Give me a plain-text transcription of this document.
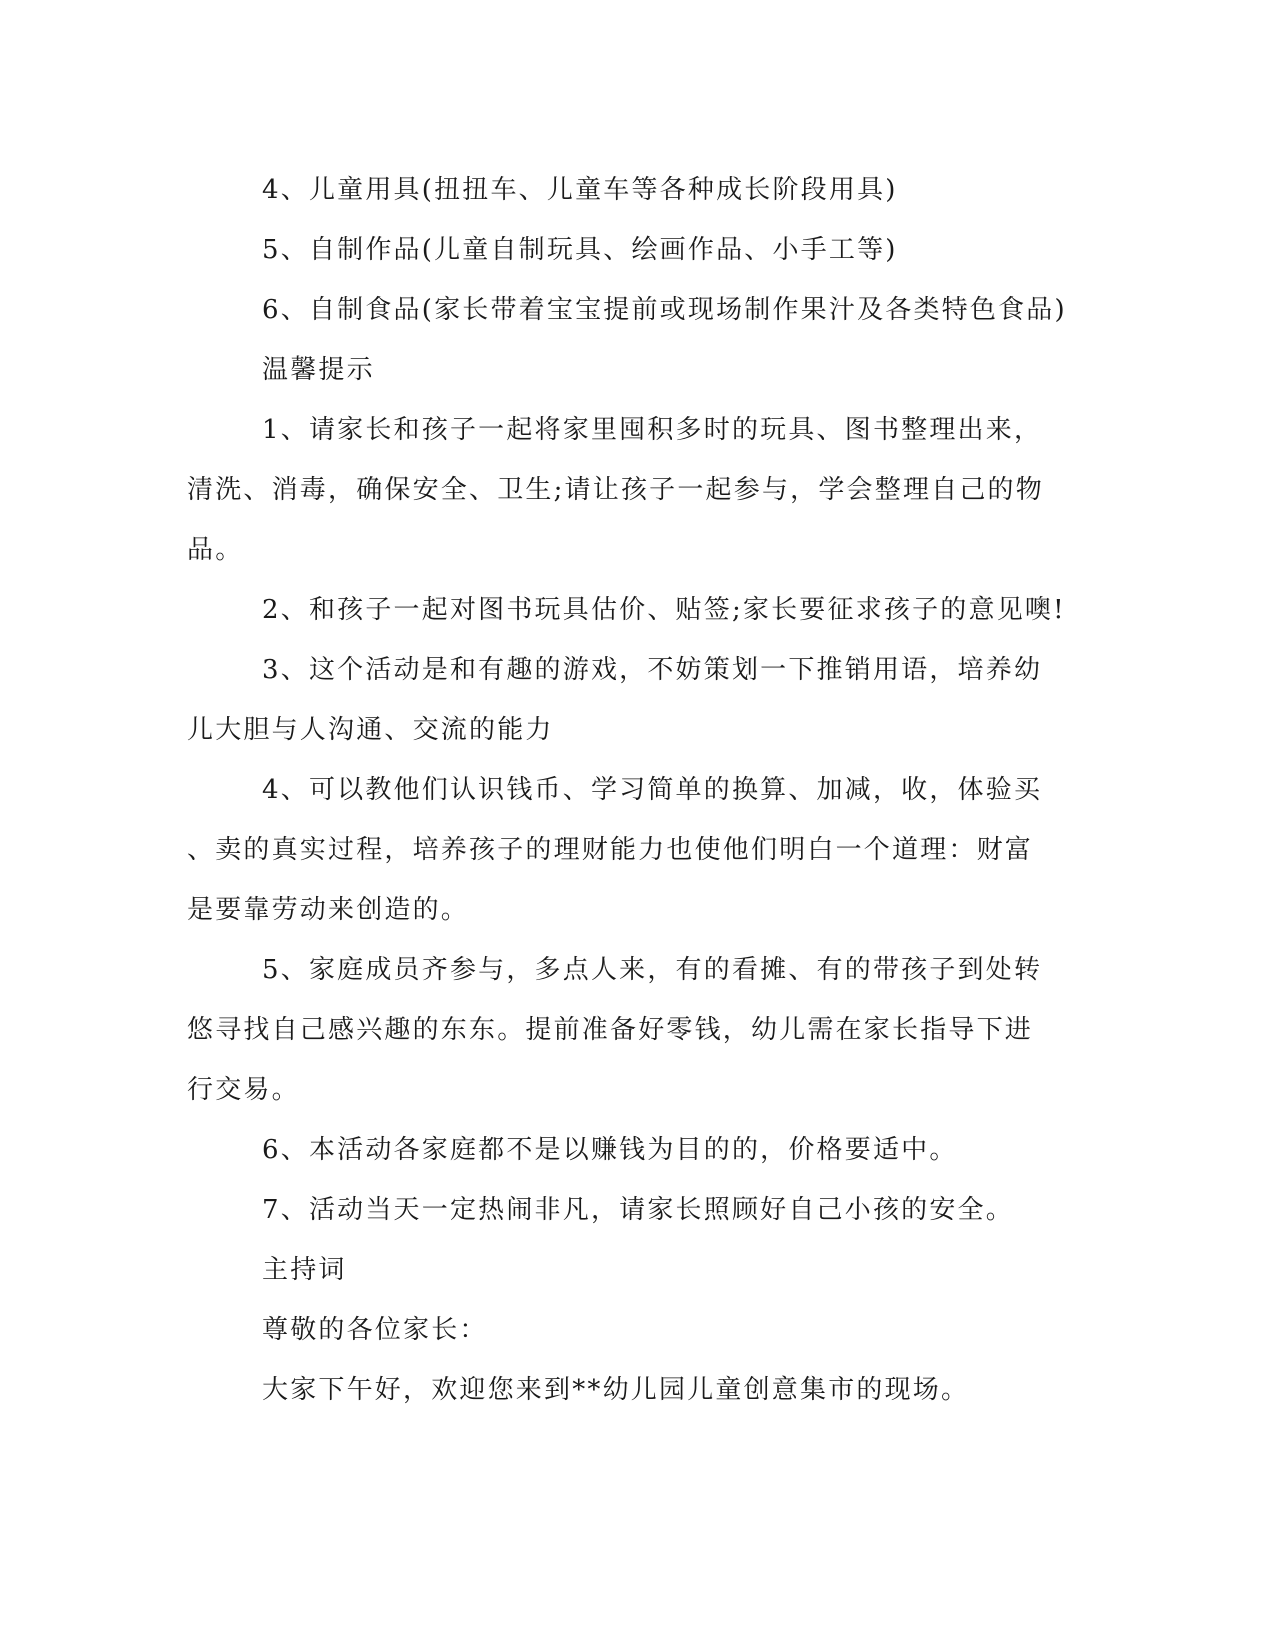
4、儿童用具(扭扭车、儿童车等各种成长阶段用具)
5、自制作品(儿童自制玩具、绘画作品、小手工等)
6、自制食品(家长带着宝宝提前或现场制作果汁及各类特色食品)
温馨提示
1、请家长和孩子一起将家里囤积多时的玩具、图书整理出来，
清洗、消毒，确保安全、卫生;请让孩子一起参与，学会整理自己的物
品。
2、和孩子一起对图书玩具估价、贴签;家长要征求孩子的意见噢!
3、这个活动是和有趣的游戏，不妨策划一下推销用语，培养幼
儿大胆与人沟通、交流的能力
4、可以教他们认识钱币、学习简单的换算、加减，收，体验买
、卖的真实过程，培养孩子的理财能力也使他们明白一个道理：财富
是要靠劳动来创造的。
5、家庭成员齐参与，多点人来，有的看摊、有的带孩子到处转
悠寻找自己感兴趣的东东。提前准备好零钱，幼儿需在家长指导下进
行交易。
6、本活动各家庭都不是以赚钱为目的的，价格要适中。
7、活动当天一定热闹非凡，请家长照顾好自己小孩的安全。
主持词
尊敬的各位家长：
大家下午好，欢迎您来到**幼儿园儿童创意集市的现场。
